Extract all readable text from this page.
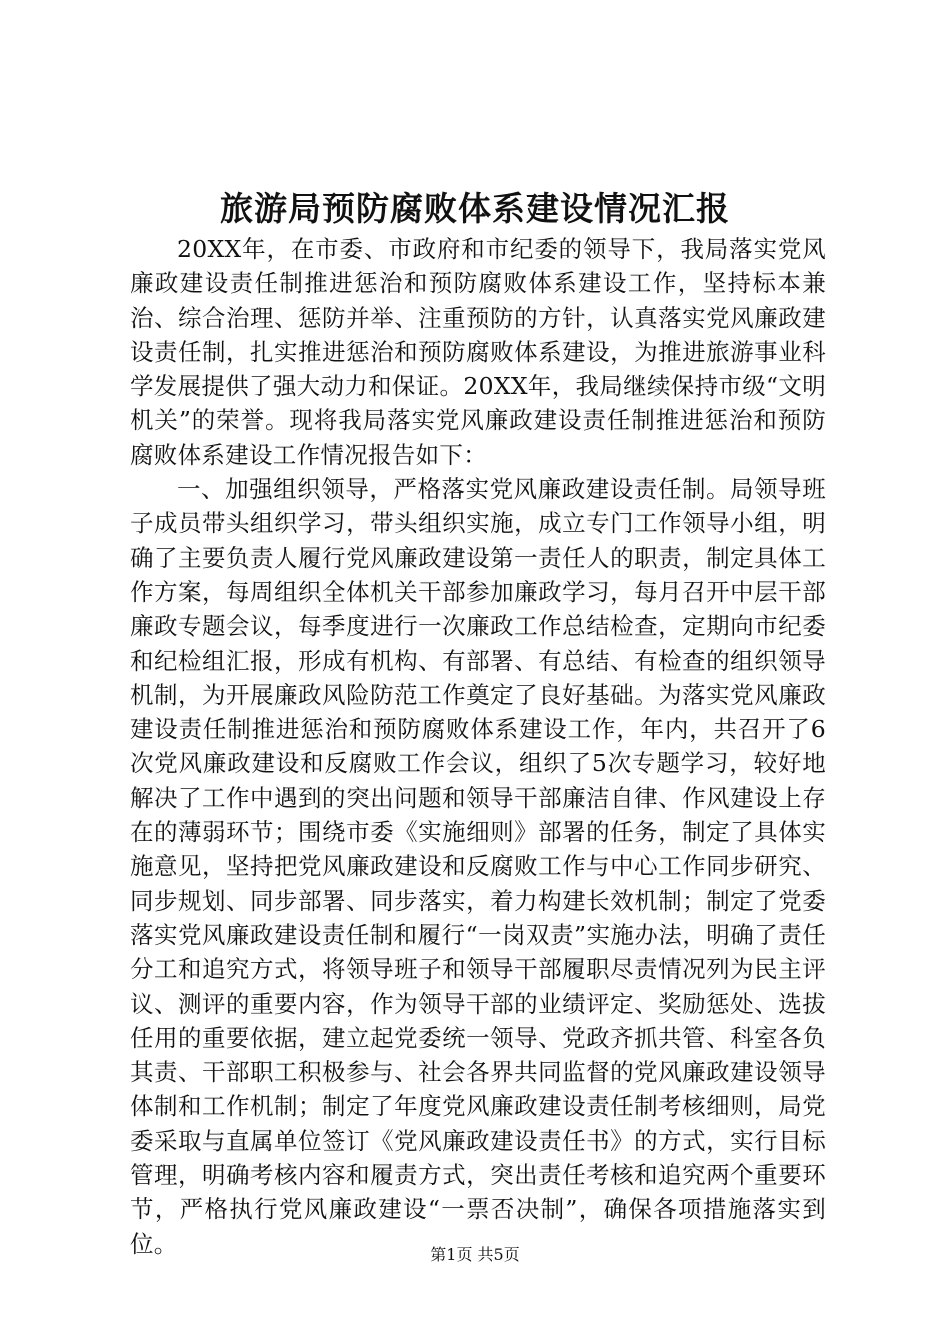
旅游局预防腐败体系建设情况汇报

20XX年，在市委、市政府和市纪委的领导下，我局落实党风廉政建设责任制推进惩治和预防腐败体系建设工作，坚持标本兼治、综合治理、惩防并举、注重预防的方针，认真落实党风廉政建设责任制，扎实推进惩治和预防腐败体系建设，为推进旅游事业科学发展提供了强大动力和保证。20XX年，我局继续保持市级“文明机关”的荣誉。现将我局落实党风廉政建设责任制推进惩治和预防腐败体系建设工作情况报告如下：

一、加强组织领导，严格落实党风廉政建设责任制。局领导班子成员带头组织学习，带头组织实施，成立专门工作领导小组，明确了主要负责人履行党风廉政建设第一责任人的职责，制定具体工作方案，每周组织全体机关干部参加廉政学习，每月召开中层干部廉政专题会议，每季度进行一次廉政工作总结检查，定期向市纪委和纪检组汇报，形成有机构、有部署、有总结、有检查的组织领导机制，为开展廉政风险防范工作奠定了良好基础。为落实党风廉政建设责任制推进惩治和预防腐败体系建设工作，年内，共召开了6次党风廉政建设和反腐败工作会议，组织了5次专题学习，较好地解决了工作中遇到的突出问题和领导干部廉洁自律、作风建设上存在的薄弱环节；围绕市委《实施细则》部署的任务，制定了具体实施意见，坚持把党风廉政建设和反腐败工作与中心工作同步研究、同步规划、同步部署、同步落实，着力构建长效机制；制定了党委落实党风廉政建设责任制和履行“一岗双责”实施办法，明确了责任分工和追究方式，将领导班子和领导干部履职尽责情况列为民主评议、测评的重要内容，作为领导干部的业绩评定、奖励惩处、选拔任用的重要依据，建立起党委统一领导、党政齐抓共管、科室各负其责、干部职工积极参与、社会各界共同监督的党风廉政建设领导体制和工作机制；制定了年度党风廉政建设责任制考核细则，局党委采取与直属单位签订《党风廉政建设责任书》的方式，实行目标管理，明确考核内容和履责方式，突出责任考核和追究两个重要环节，严格执行党风廉政建设“一票否决制”，确保各项措施落实到位。	第1页 共5页
